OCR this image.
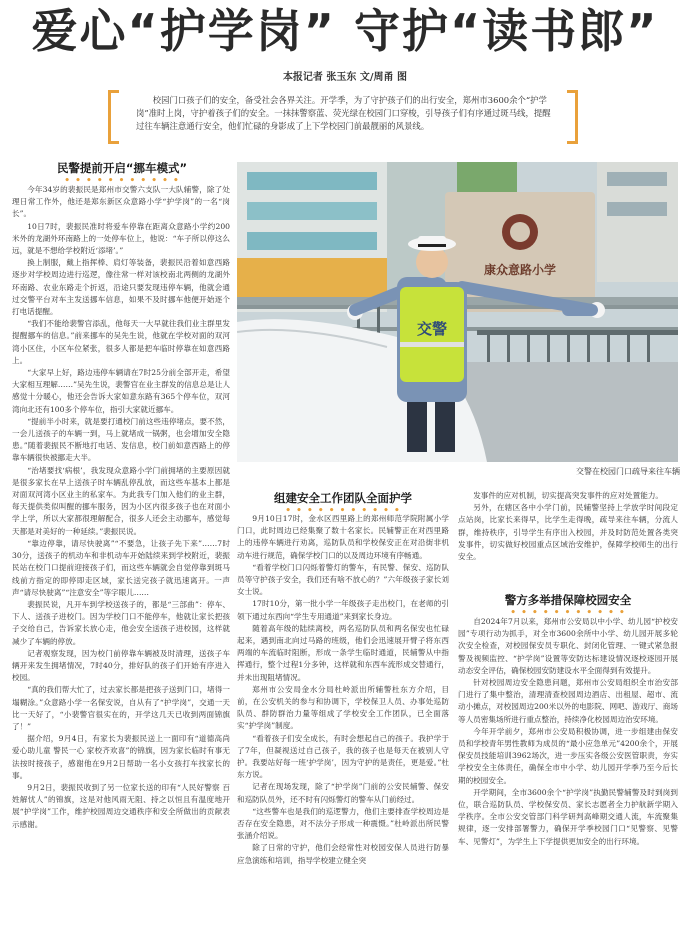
爱心“护学岗” 守护“读书郎”
本报记者 张玉东 文/周甬 图
校园门口孩子们的安全，备受社会各界关注。开学季，为了守护孩子们的出行安全，郑州市3600余个“护学岗”准时上岗，守护着孩子们的安全。一抹抹警察蓝、荧光绿在校园门口穿梭，引导孩子们有序通过斑马线，提醒过往车辆注意通行安全，他们忙碌的身影成了上下学校园门前最靓丽的风景线。
民警提前开启“挪车模式”
• • • • • • • • • • •

今年34岁的裴振民是郑州市交警六支队一大队辅警，除了处理日常工作外，他还是郑东新区众意路小学“护学岗”的一名“岗长”。

10日7时，裴振民准时将爱车停靠在距离众意路小学约200米外的龙湖外环南路上的一处停车位上，他说：“车子所以停这么远，就是不想给学校附近‘添堵’。”

换上制服，戴上指挥棒、肩灯等装备，裴振民沿着如意西路逐步对学校周边进行巡逻，像往常一样对该校南北两侧的龙湖外环南路、农业东路走个折返，沿途只要发现违停车辆，他就会通过交警平台对车主发送挪车信息，如果不及时挪车他便开始逐个打电话提醒。

“我们不能给裴警官添乱，他每天一大早就往我们业主群里发提醒挪车的信息。”前来挪车的吴先生说，他就在学校对面的双河湾小区住，小区车位紧张，很多人都是把车临时停靠在如意西路上。

“大家早上好，路边违停车辆请在7时25分前全部开走，希望大家相互理解……”吴先生说，裴警官在业主群发的信息总是让人感觉十分暖心，他还会告诉大家如意东路有365个停车位，双河湾向北还有100多个停车位，指引大家就近挪车。

“提前半小时来，就是要打通校门前这些违停堵点，要不然，一会儿送孩子的车辆一到，马上就堵成一锅粥，也会增加安全隐患。”随着裴振民不断地打电话、发信息，校门前如意西路上的停靠车辆很快被挪走大半。

“治堵要找‘病根’，我发现众意路小学门前拥堵的主要原因就是很多家长在早上送孩子时车辆乱停乱放，而这些车基本上都是对面双河湾小区业主的私家车。为此我专门加入他们的业主群，每天提供类似叫醒的挪车服务，因为小区内很多孩子也在对面小学上学，所以大家都很理解配合，很多人还会主动挪车，感觉每天都是对美好的一种延续。”裴振民说。

“靠边停靠，请尽快驶离”“不要急，让孩子先下来”……7时30分，送孩子的机动车和非机动车开始陆续来到学校附近，裴振民站在校门口提前迎接孩子们，而这些车辆就会自觉停靠到斑马线前方指定的即停即走区域，家长送完孩子就迅速离开。一声声“请尽快驶离”“注意安全”等字眼儿……

裴振民说，凡开车到学校送孩子的，都是“三部曲”：停车、下人、送孩子进校门。因为学校门口不能停车，他就让家长把孩子交给自己，告诉家长放心走，他会安全送孩子进校园，这样就减少了车辆的停放。

记者观察发现，因为校门前停靠车辆被及时清理，送孩子车辆开来发生拥堵情况，7时40分，排好队的孩子们开始有序进入校园。

“真的我们帮大忙了，过去家长都是把孩子送到门口，堵得一塌糊涂。”众意路小学一名保安说，自从有了“护学岗”，交通一天比一天好了，“小裴警官很实在的，开学这几天已收到两面锦旗了！”

据介绍，9月4日，有家长为裴振民送上一面印有“道德高尚 爱心助儿童 警民一心 家校齐欢喜”的锦旗，因为家长临时有事无法按时接孩子，感谢他在9月2日帮助一名小女孩打车找家长的事。

9月2日，裴振民收到了另一位家长送的印有“人民好警察 百姓解忧人”的锦旗，这是对他风雨无阻、持之以恒且有温度地开展“护学岗”工作，维护校园周边交通秩序和安全所做出的贡献表示感谢。

康众意路小学
交警
交警在校园门口疏导来往车辆
组建安全工作团队全面护学
• • • • • • • • • • •

9月10日17时，金水区西里路上的郑州师范学院附属小学门口，此时周边已经集聚了数十名家长。民辅警正在对西里路上的违停车辆进行劝离，巡防队员和学校保安正在对沿街非机动车进行规范，确保学校门口的以及周边环境有序畅通。

“看着学校门口闪烁着警灯的警车，有民警、保安、巡防队员等守护孩子安全，我们还有啥不放心的？”六年级孩子家长刘女士说。

17时10分，第一批小学一年级孩子走出校门，在老师的引领下通过东西向“学生专用通道”来到家长身边。

随着高年级的陆续离校，两名巡防队员和两名保安也忙碌起来，遇到南北向过马路的班级，他们会迅速展开臂子将东西两端的车流临时阻断，形成一条学生临时通道，民辅警从中指挥通行，整个过程1分多钟，这样就和东西车流形成交替通行，并未出现阻堵情况。

郑州市公安局金水分局杜岭派出所辅警杜东方介绍，目前，在公安机关的参与和协调下，学校保卫人员、办事处巡防队员、群防群治力量等组成了学校安全工作团队，已全面落实“护学岗”制度。

“看着孩子们安全成长，有时会想起自己的孩子。我护学于了7年，但凝视送过自己孩子，我的孩子也是每天在被别人守护。我要站好每一班‘护学岗’，因为守护的是责任，更是爱。”杜东方说。

记者在现场发现，除了“护学岗”门前的公安民辅警、保安和巡防队员外，还不时有闪烁警灯的警车从门前经过。

“这些警车也是我们的巡逻警力，他们主要排查学校周边是否存在安全隐患，对不法分子形成一种震慑。”杜岭派出所民警张涵介绍说。

除了日常的守护，他们会经常性对校园安保人员进行防暴应急演练和培训，指导学校建立健全突

发事件的应对机制，切实提高突发事件的应对处置能力。

另外，在辖区各中小学门前，民辅警坚持上学放学时间段定点站岗，比家长来得早，比学生走得晚，疏导来往车辆，分流人群，维持秩序，引导学生有序出入校园，并及时防范处置各类突发事件，切实做好校园重点区域治安维护，保障学校师生的出行安全。

警方多举措保障校园安全
• • • • • • • • • • •

自2024年7月以来，郑州市公安局以中小学、幼儿园“护校安园”专项行动为抓手，对全市3600余所中小学、幼儿园开展多轮次安全检查，对校园保安员专职化、封闭化管理、一键式紧急报警及视频监控、“护学岗”设置等安防达标建设情况逐校逐园开展动态安全评估，确保校园安防建设水平全面得到有效提升。

针对校园周边安全隐患问题，郑州市公安局组织全市治安部门进行了集中整治，清理清查校园周边酒店、出租屋、超市、流动小摊点，对校园周边200米以外的电影院、网吧、游戏厅、商场等人员密集场所进行重点整治，持续净化校园周边治安环境。

今年开学前夕，郑州市公安局积极协调，进一步组建由保安员和学校青年男性教师为成员的“最小应急单元”4200余个，开展保安员技能培训3962场次，进一步压实各级公安医管职责，夯实学校安全主体责任，确保全市中小学、幼儿园开学季乃至今后长期的校园安全。

开学期间，全市3600余个“护学岗”执勤民警辅警及时到岗到位，联合巡防队员、学校保安员、家长志愿者全力护航新学期入学秩序。全市公安交管部门科学研判高峰期交通人流，车流聚集规律，逐一安排部署警力，确保开学季校园门口“见警察、见警车、见警灯”，为学生上下学提供更加安全的出行环境。
